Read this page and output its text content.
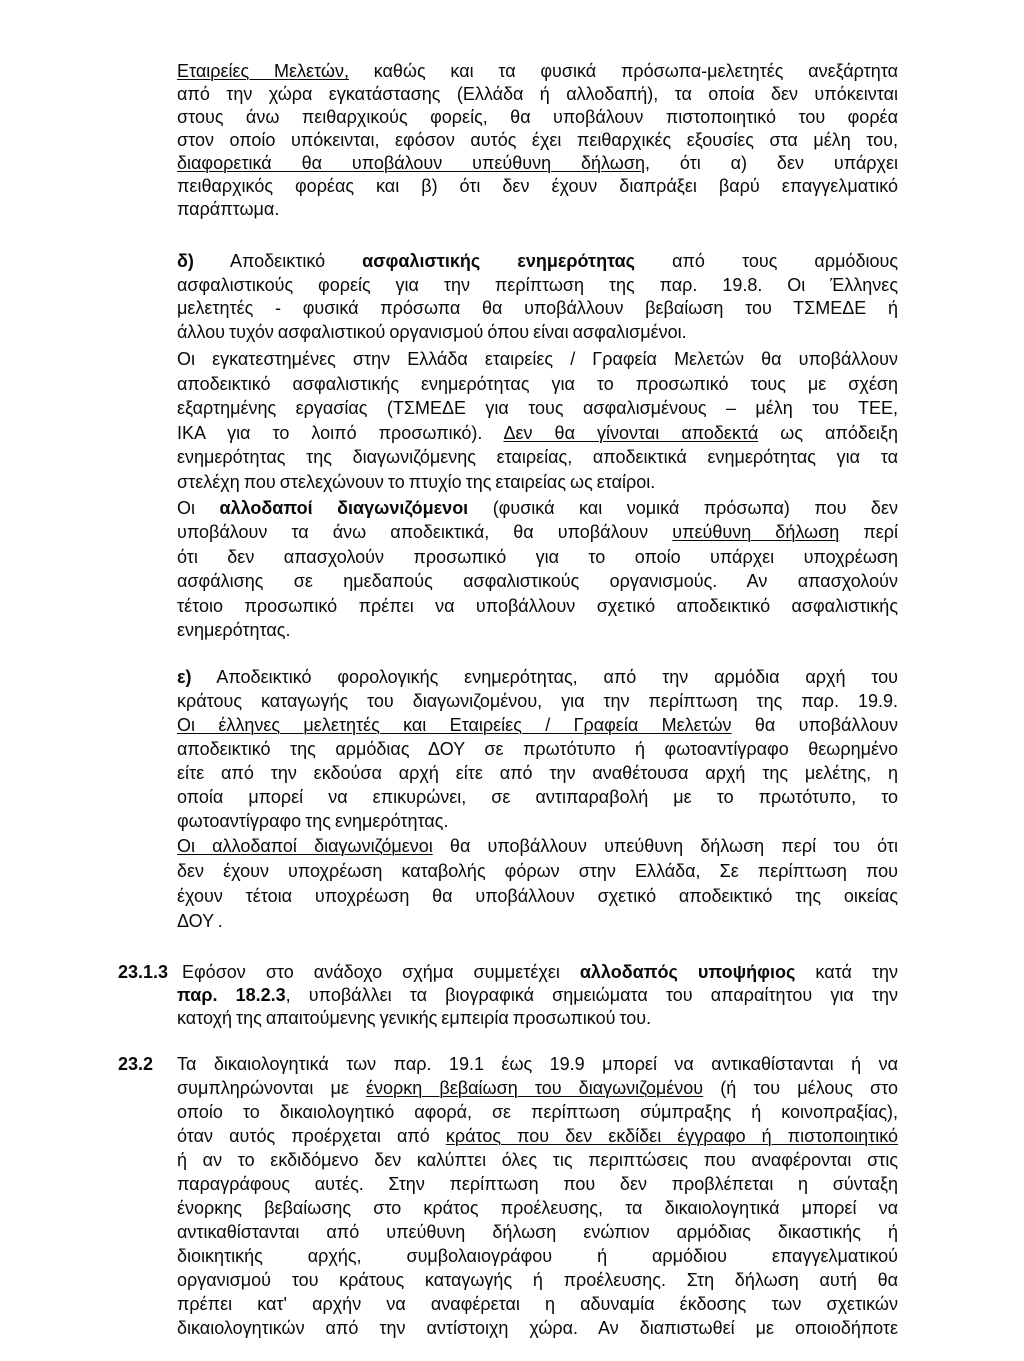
Εταιρείες Μελετών, καθώς και τα φυσικά πρόσωπα-μελετητές ανεξάρτητα
από την χώρα εγκατάστασης (Ελλάδα ή αλλοδαπή), τα οποία δεν υπόκεινται
στους άνω πειθαρχικούς φορείς, θα υποβάλουν πιστοποιητικό του φορέα
στον οποίο υπόκεινται, εφόσον αυτός έχει πειθαρχικές εξουσίες στα μέλη του,
διαφορετικά θα υποβάλουν υπεύθυνη δήλωση, ότι α) δεν υπάρχει
πειθαρχικός φορέας και β) ότι δεν έχουν διαπράξει βαρύ επαγγελματικό
παράπτωμα.
δ) Αποδεικτικό ασφαλιστικής ενημερότητας από τους αρμόδιους
ασφαλιστικούς φορείς για την περίπτωση της παρ. 19.8. Οι Έλληνες
μελετητές - φυσικά πρόσωπα θα υποβάλλουν βεβαίωση του ΤΣΜΕΔΕ ή
άλλου τυχόν ασφαλιστικού οργανισμού όπου είναι ασφαλισμένοι.
Οι εγκατεστημένες στην Ελλάδα εταιρείες / Γραφεία Μελετών θα υποβάλλουν
αποδεικτικό ασφαλιστικής ενημερότητας για το προσωπικό τους με σχέση
εξαρτημένης εργασίας (ΤΣΜΕΔΕ για τους ασφαλισμένους – μέλη του ΤΕΕ,
ΙΚΑ για το λοιπό προσωπικό). Δεν θα γίνονται αποδεκτά ως απόδειξη
ενημερότητας της διαγωνιζόμενης εταιρείας, αποδεικτικά ενημερότητας για τα
στελέχη που στελεχώνουν το πτυχίο της εταιρείας ως εταίροι.
Οι αλλοδαποί διαγωνιζόμενοι (φυσικά και νομικά πρόσωπα) που δεν
υποβάλουν τα άνω αποδεικτικά, θα υποβάλουν υπεύθυνη δήλωση περί
ότι δεν απασχολούν προσωπικό για το οποίο υπάρχει υποχρέωση
ασφάλισης σε ημεδαπούς ασφαλιστικούς οργανισμούς. Αν απασχολούν
τέτοιο προσωπικό πρέπει να υποβάλλουν σχετικό αποδεικτικό ασφαλιστικής
ενημερότητας.
ε) Αποδεικτικό φορολογικής ενημερότητας, από την αρμόδια αρχή του
κράτους καταγωγής του διαγωνιζομένου, για την περίπτωση της παρ. 19.9.
Οι έλληνες μελετητές και Εταιρείες / Γραφεία Μελετών θα υποβάλλουν
αποδεικτικό της αρμόδιας ΔΟΥ σε πρωτότυπο ή φωτοαντίγραφο θεωρημένο
είτε από την εκδούσα αρχή είτε από την αναθέτουσα αρχή της μελέτης, η
οποία μπορεί να επικυρώνει, σε αντιπαραβολή με το πρωτότυπο, το
φωτοαντίγραφο της ενημερότητας.
Οι αλλοδαποί διαγωνιζόμενοι θα υποβάλλουν υπεύθυνη δήλωση περί του ότι
δεν έχουν υποχρέωση καταβολής φόρων στην Ελλάδα, Σε περίπτωση που
έχουν τέτοια υποχρέωση θα υποβάλλουν σχετικό αποδεικτικό της οικείας
ΔΟΥ .
23.1.3 Εφόσον στο ανάδοχο σχήμα συμμετέχει αλλοδαπός υποψήφιος κατά την
παρ. 18.2.3, υποβάλλει τα βιογραφικά σημειώματα του απαραίτητου για την
κατοχή της απαιτούμενης γενικής εμπειρία προσωπικού του.
23.2 Τα δικαιολογητικά των παρ. 19.1 έως 19.9 μπορεί να αντικαθίστανται ή να
συμπληρώνονται με ένορκη βεβαίωση του διαγωνιζομένου (ή του μέλους στο
οποίο το δικαιολογητικό αφορά, σε περίπτωση σύμπραξης ή κοινοπραξίας),
όταν αυτός προέρχεται από κράτος που δεν εκδίδει έγγραφο ή πιστοποιητικό
ή αν το εκδιδόμενο δεν καλύπτει όλες τις περιπτώσεις που αναφέρονται στις
παραγράφους αυτές. Στην περίπτωση που δεν προβλέπεται η σύνταξη
ένορκης βεβαίωσης στο κράτος προέλευσης, τα δικαιολογητικά μπορεί να
αντικαθίστανται από υπεύθυνη δήλωση ενώπιον αρμόδιας δικαστικής ή
διοικητικής αρχής, συμβολαιογράφου ή αρμόδιου επαγγελματικού
οργανισμού του κράτους καταγωγής ή προέλευσης. Στη δήλωση αυτή θα
πρέπει κατ' αρχήν να αναφέρεται η αδυναμία έκδοσης των σχετικών
δικαιολογητικών από την αντίστοιχη χώρα. Αν διαπιστωθεί με οποιοδήποτε
